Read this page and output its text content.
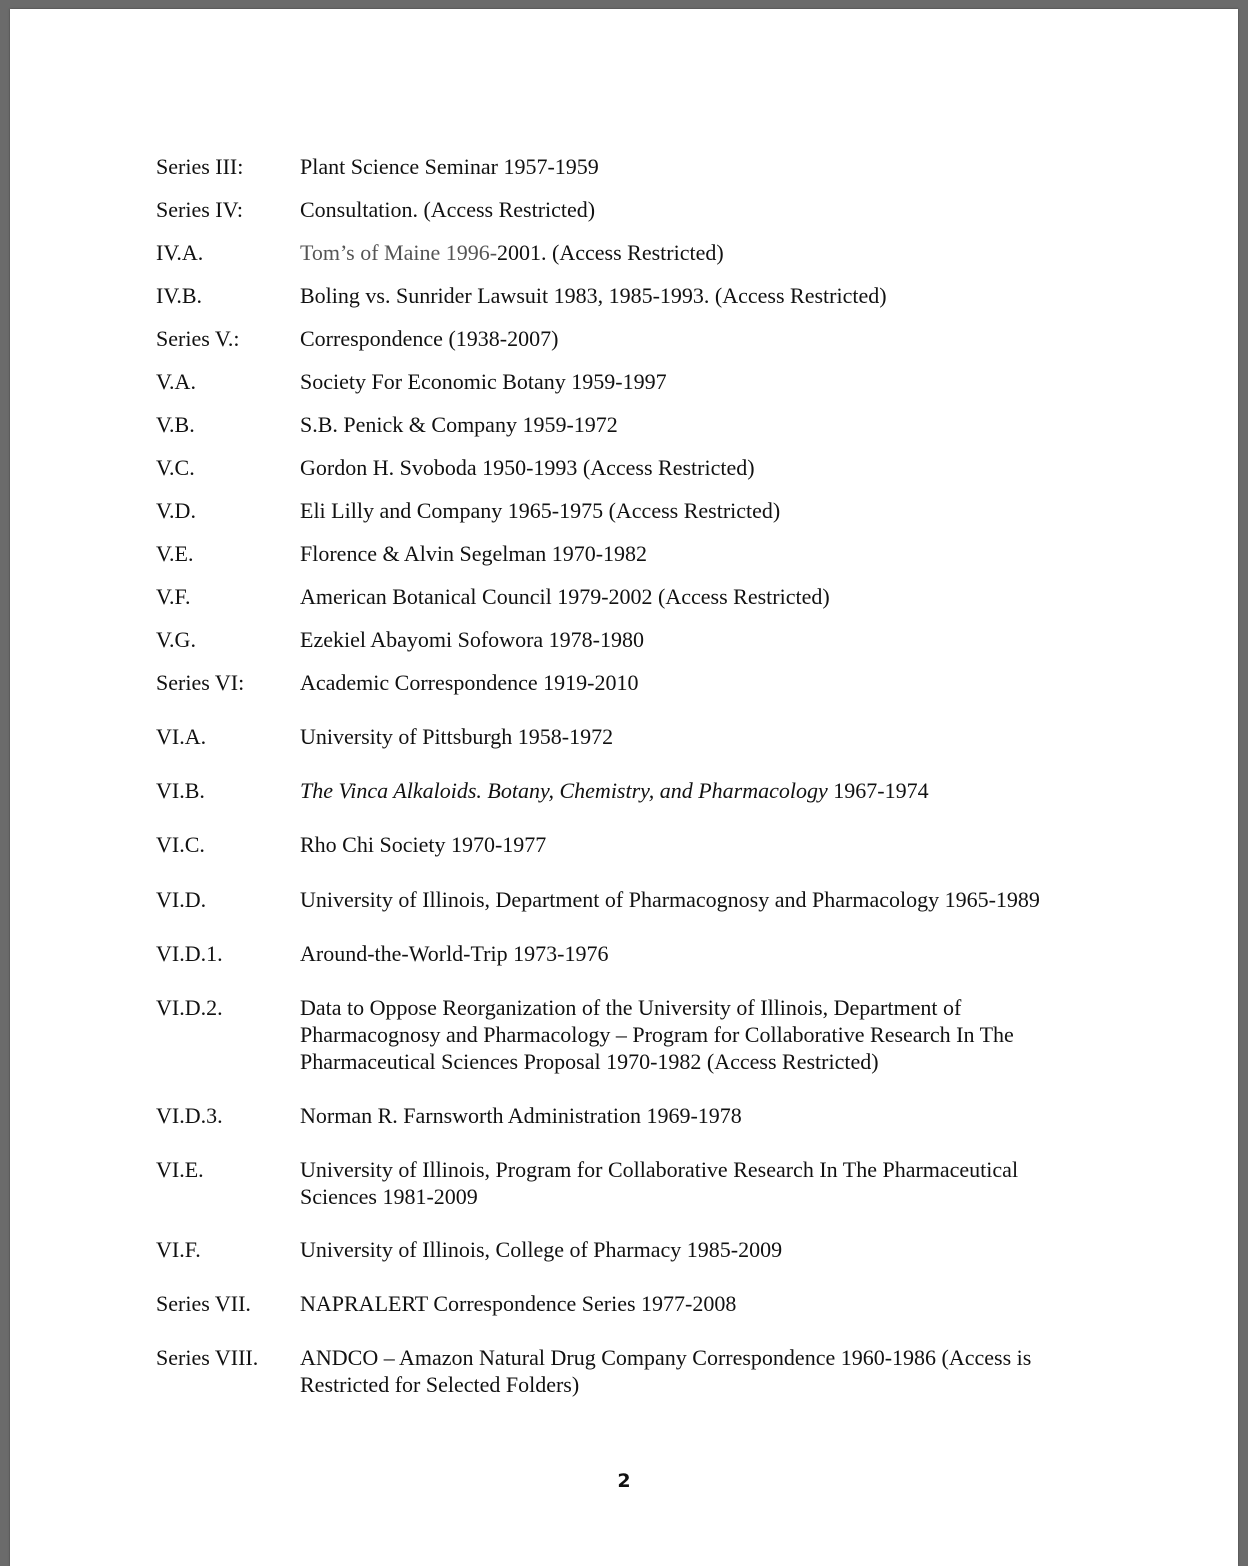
Series III:	Plant Science Seminar 1957-1959
Series IV:	Consultation. (Access Restricted)
IV.A.	Tom’s of Maine 1996-2001. (Access Restricted)
IV.B.	Boling vs. Sunrider Lawsuit 1983, 1985-1993. (Access Restricted)
Series V.:	Correspondence (1938-2007)
V.A.	Society For Economic Botany 1959-1997
V.B.	S.B. Penick & Company 1959-1972
V.C.	Gordon H. Svoboda 1950-1993 (Access Restricted)
V.D.	Eli Lilly and Company 1965-1975 (Access Restricted)
V.E.	Florence & Alvin Segelman 1970-1982
V.F.	American Botanical Council 1979-2002 (Access Restricted)
V.G.	Ezekiel Abayomi Sofowora 1978-1980
Series VI:	Academic Correspondence 1919-2010
VI.A.	University of Pittsburgh 1958-1972
VI.B.	The Vinca Alkaloids. Botany, Chemistry, and Pharmacology 1967-1974
VI.C.	Rho Chi Society 1970-1977
VI.D.	University of Illinois, Department of Pharmacognosy and Pharmacology 1965-1989
VI.D.1.	Around-the-World-Trip 1973-1976
VI.D.2.	Data to Oppose Reorganization of the University of Illinois, Department of Pharmacognosy and Pharmacology – Program for Collaborative Research In The Pharmaceutical Sciences Proposal 1970-1982 (Access Restricted)
VI.D.3.	Norman R. Farnsworth Administration 1969-1978
VI.E.	University of Illinois, Program for Collaborative Research In The Pharmaceutical Sciences 1981-2009
VI.F.	University of Illinois, College of Pharmacy 1985-2009
Series VII. NAPRALERT Correspondence Series 1977-2008
Series VIII. ANDCO – Amazon Natural Drug Company Correspondence 1960-1986 (Access is Restricted for Selected Folders)
2
